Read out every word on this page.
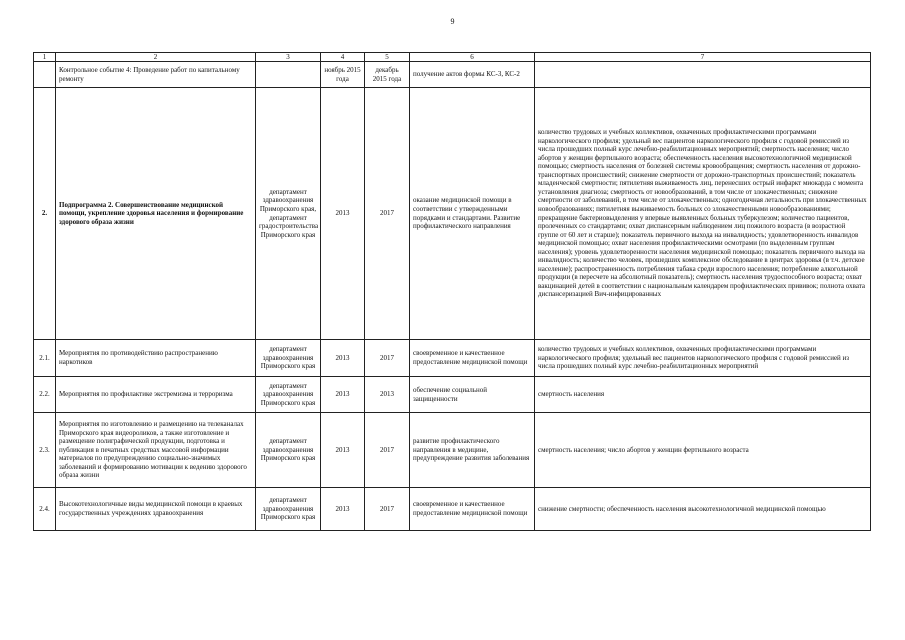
9
1	2	3	4	5	6	7
	Контрольное событие 4: Проведение работ по капитальному ремонту		ноябрь 2015 года	декабрь 2015 года	получение актов формы КС-3, КС-2	
2.	Подпрограмма 2. Совершенствование медицинской помощи, укрепление здоровья населения и формирование здорового образа жизни	департамент здравоохранения Приморского края, департамент градостроительства Приморского края	2013	2017	оказание медицинской помощи в соответствии с утвержденными порядками и стандартами. Развитие профилактического направления	количество трудовых и учебных коллективов, охваченных профилактическими программами наркологического профиля; удельный вес пациентов наркологического профиля с годовой ремиссией из числа прошедших полный курс лечебно-реабилитационных мероприятий; смертность населения; число абортов у женщин фертильного возраста; обеспеченность населения высокотехнологичной медицинской помощью; смертность населения от болезней системы кровообращения; смертность населения от дорожно-транспортных происшествий; снижение смертности от дорожно-транспортных происшествий; показатель младенческой смертности; пятилетняя выживаемость лиц, перенесших острый инфаркт миокарда с момента установления диагноза; смертность от новообразований, в том числе от злокачественных; снижение смертности от заболеваний, в том числе от злокачественных; одногодичная летальность при злокачественных новообразованиях; пятилетняя выживаемость больных со злокачественными новообразованиями; прекращение бактериовыделения у впервые выявленных больных туберкулезом; количество пациентов, пролеченных со стандартами; охват диспансерным наблюдением лиц пожилого возраста (в возрастной группе от 60 лет и старше); показатель первичного выхода на инвалидность; удовлетворенность инвалидов медицинской помощью; охват населения профилактическими осмотрами (по выделенным группам населения); уровень удовлетворенности населения медицинской помощью; показатель первичного выхода на инвалидность; количество человек, прошедших комплексное обследование в центрах здоровья (в т.ч. детское население); распространенность потребления табака среди взрослого населения; потребление алкогольной продукции (в пересчете на абсолютный показатель); смертность населения трудоспособного возраста; охват вакцинацией детей в соответствии с национальным календарем профилактических прививок; полнота охвата диспансеризацией Вич-инфицированных
2.1.	Мероприятия по противодействию распространению наркотиков	департамент здравоохранения Приморского края	2013	2017	своевременное и качественное предоставление медицинской помощи	количество трудовых и учебных коллективов, охваченных профилактическими программами наркологического профиля; удельный вес пациентов наркологического профиля с годовой ремиссией из числа прошедших полный курс лечебно-реабилитационных мероприятий
2.2.	Мероприятия по профилактике экстремизма и терроризма	департамент здравоохранения Приморского края	2013	2013	обеспечение социальной защищенности	смертность населения
2.3.	Мероприятия по изготовлению и размещению на телеканалах Приморского края видеороликов, а также изготовление и размещение полиграфической продукции, подготовка и публикация в печатных средствах массовой информации материалов по предупреждению социально-значимых заболеваний и формированию мотивации к ведению здорового образа жизни	департамент здравоохранения Приморского края	2013	2017	развитие профилактического направления в медицине, предупреждение развития заболевания	смертность населения; число абортов у женщин фертильного возраста
2.4.	Высокотехнологичные виды медицинской помощи в краевых государственных учреждениях здравоохранения	департамент здравоохранения Приморского края	2013	2017	своевременное и качественное предоставление медицинской помощи	снижение смертности; обеспеченность населения высокотехнологичной медицинской помощью
